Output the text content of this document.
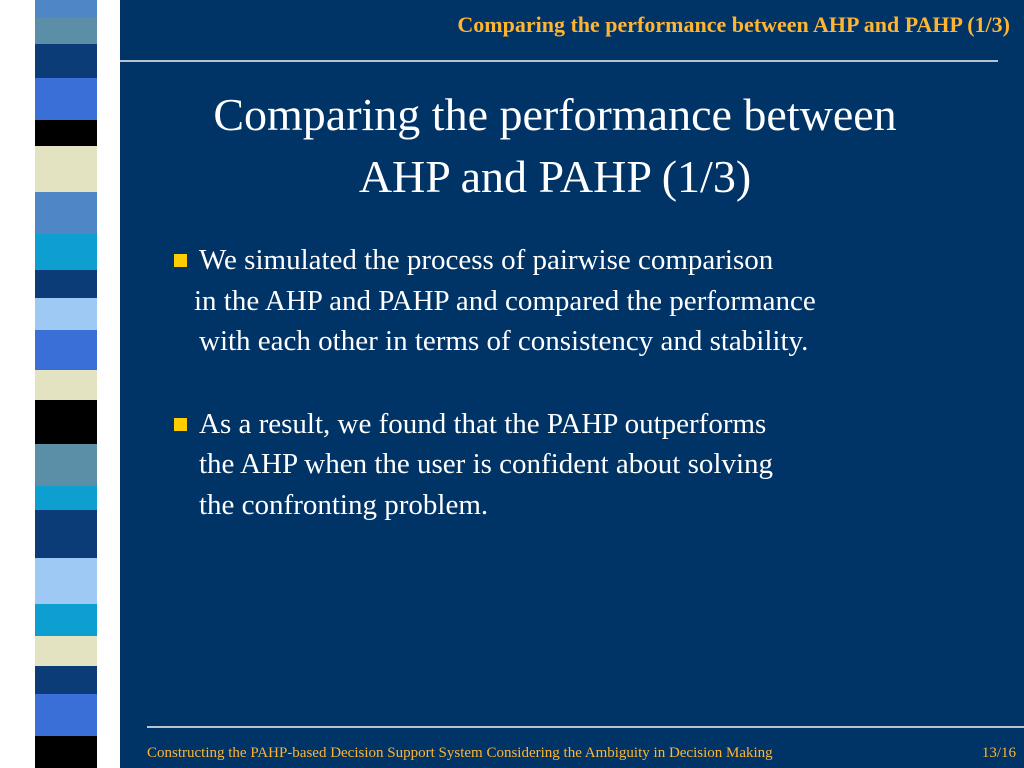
Comparing the performance between AHP and PAHP (1/3)
Comparing the performance between
AHP and PAHP (1/3)
We simulated the process of pairwise comparison
in the AHP and PAHP and compared the performance
with each other in terms of consistency and stability.
As a result, we found that the PAHP outperforms
the AHP when the user is confident about solving
the confronting problem.
Constructing the PAHP-based Decision Support System Considering the Ambiguity in Decision Making	13/16
